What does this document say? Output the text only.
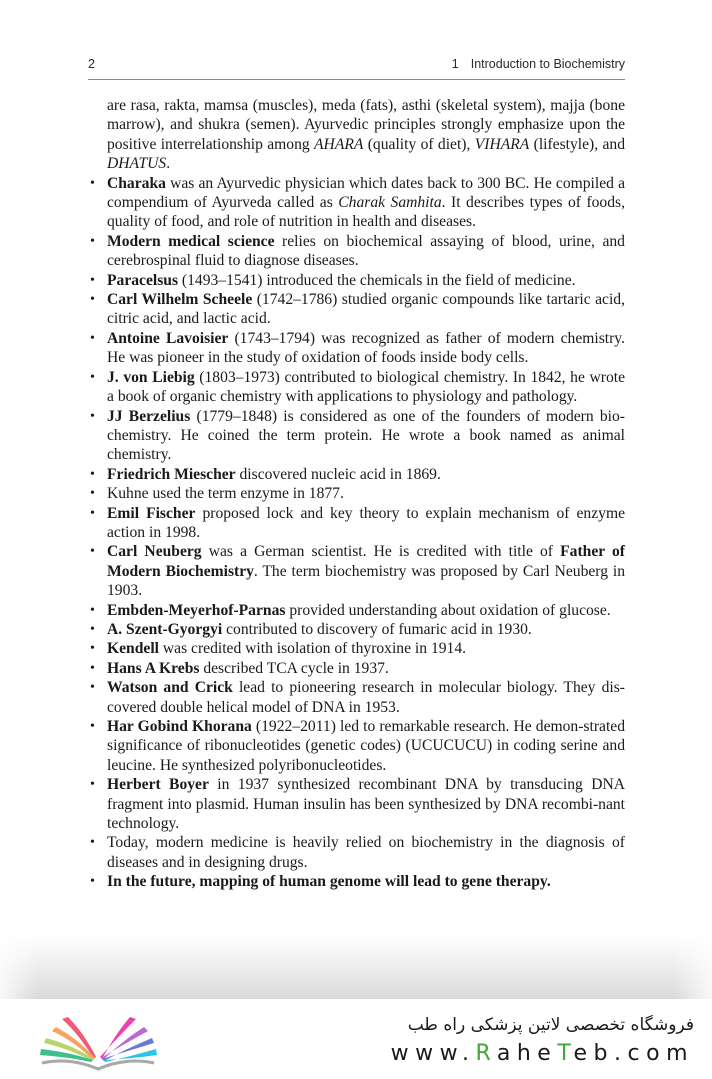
2	1 Introduction to Biochemistry

are rasa, rakta, mamsa (muscles), meda (fats), asthi (skeletal system), majja (bone marrow), and shukra (semen). Ayurvedic principles strongly emphasize upon the positive interrelationship among AHARA (quality of diet), VIHARA (lifestyle), and DHATUS.

• Charaka was an Ayurvedic physician which dates back to 300 BC. He compiled a compendium of Ayurveda called as Charak Samhita. It describes types of foods, quality of food, and role of nutrition in health and diseases.
• Modern medical science relies on biochemical assaying of blood, urine, and cerebrospinal fluid to diagnose diseases.
• Paracelsus (1493–1541) introduced the chemicals in the field of medicine.
• Carl Wilhelm Scheele (1742–1786) studied organic compounds like tartaric acid, citric acid, and lactic acid.
• Antoine Lavoisier (1743–1794) was recognized as father of modern chemistry. He was pioneer in the study of oxidation of foods inside body cells.
• J. von Liebig (1803–1973) contributed to biological chemistry. In 1842, he wrote a book of organic chemistry with applications to physiology and pathology.
• JJ Berzelius (1779–1848) is considered as one of the founders of modern bio-chemistry. He coined the term protein. He wrote a book named as animal chemistry.
• Friedrich Miescher discovered nucleic acid in 1869.
• Kuhne used the term enzyme in 1877.
• Emil Fischer proposed lock and key theory to explain mechanism of enzyme action in 1998.
• Carl Neuberg was a German scientist. He is credited with title of Father of Modern Biochemistry. The term biochemistry was proposed by Carl Neuberg in 1903.
• Embden-Meyerhof-Parnas provided understanding about oxidation of glucose.
• A. Szent-Gyorgyi contributed to discovery of fumaric acid in 1930.
• Kendell was credited with isolation of thyroxine in 1914.
• Hans A Krebs described TCA cycle in 1937.
• Watson and Crick lead to pioneering research in molecular biology. They dis-covered double helical model of DNA in 1953.
• Har Gobind Khorana (1922–2011) led to remarkable research. He demon-strated significance of ribonucleotides (genetic codes) (UCUCUCU) in coding serine and leucine. He synthesized polyribonucleotides.
• Herbert Boyer in 1937 synthesized recombinant DNA by transducing DNA fragment into plasmid. Human insulin has been synthesized by DNA recombi-nant technology.
• Today, modern medicine is heavily relied on biochemistry in the diagnosis of diseases and in designing drugs.
• In the future, mapping of human genome will lead to gene therapy.
فروشگاه تخصصی لاتین پزشکی راه طب
www.RaheTeb.com
